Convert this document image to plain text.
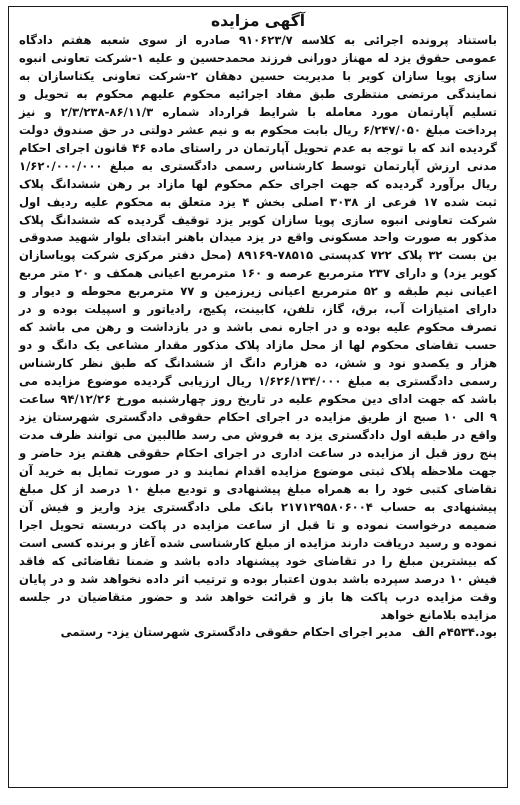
آگهی مزایده

باستناد پرونده اجرائی به کلاسه ۹۱۰۶۲۳/۷ صادره از سوی شعبه هفتم دادگاه عمومی حقوق یزد له مهناز دورانی فرزند محمدحسین و علیه ۱-شرکت تعاونی انبوه سازی پویا سازان کویر با مدیریت حسین دهقان ۲-شرکت تعاونی یکتاسازان به نمایندگی مرتضی منتظری طبق مفاد اجرائیه محکوم علیهم محکوم به تحویل و تسلیم آپارتمان مورد معامله با شرایط قرارداد شماره ۸۶/۱۱/۳-۲/۳/۲۳۸ و نیز پرداخت مبلغ ۶/۲۴۷/۰۵۰ ریال بابت محکوم به و نیم عشر دولتی در حق صندوق دولت گردیده اند که با توجه به عدم تحویل آپارتمان در راستای ماده ۴۶ قانون اجرای احکام مدنی ارزش آپارتمان توسط کارشناس رسمی دادگستری به مبلغ ۱/۶۲۰/۰۰۰/۰۰۰ ریال برآورد گردیده که جهت اجرای حکم محکوم لها مازاد بر رهن ششدانگ پلاک ثبت شده ۱۷ فرعی از ۳۰۳۸ اصلی بخش ۴ یزد متعلق به محکوم علیه ردیف اول شرکت تعاونی انبوه سازی پویا سازان کویر یزد توقیف گردیده که ششدانگ پلاک مذکور به صورت واحد مسکونی واقع در یزد میدان باهنر ابتدای بلوار شهید صدوقی بن بست ۳۲ پلاک ۷۲۲ کدپستی ۷۸۵۱۵-۸۹۱۶۹ (محل دفتر مرکزی شرکت پویاسازان کویر یزد) و دارای ۲۳۷ مترمربع عرصه و ۱۶۰ مترمربع اعیانی همکف و ۲۰ متر مربع اعیانی نیم طبقه و ۵۲ مترمربع اعیانی زیرزمین و ۷۷ مترمربع محوطه و دیوار و دارای امتیازات آب، برق، گاز، تلفن، کابینت، پکیج، رادیاتور و اسپیلت بوده و در تصرف محکوم علیه بوده و در اجاره نمی باشد و در بازداشت و رهن می باشد که حسب تقاضای محکوم لها از محل مازاد پلاک مذکور مقدار مشاعی یک دانگ و دو هزار و یکصدو نود و شش، ده هزارم دانگ از ششدانگ که طبق نظر کارشناس رسمی دادگستری به مبلغ ۱/۶۲۶/۱۳۴/۰۰۰ ریال ارزیابی گردیده موضوع مزایده می باشد که جهت ادای دین محکوم علیه در تاریخ روز چهارشنبه مورخ ۹۴/۱۲/۲۶ ساعت ۹ الی ۱۰ صبح از طریق مزایده در اجرای احکام حقوقی دادگستری شهرستان یزد واقع در طبقه اول دادگستری یزد به فروش می رسد طالبین می توانند ظرف مدت پنج روز قبل از مزایده در ساعت اداری در اجرای احکام حقوقی هفتم یزد حاضر و جهت ملاحظه پلاک ثبتی موضوع مزایده اقدام نمایند و در صورت تمایل به خرید آن تقاضای کتبی خود را به همراه مبلغ پیشنهادی و تودیع مبلغ ۱۰ درصد از کل مبلغ پیشنهادی به حساب ۲۱۷۱۲۹۵۸۰۶۰۰۴ بانک ملی دادگستری یزد واریز و فیش آن ضمیمه درخواست نموده و تا قبل از ساعت مزایده در پاکت دربسته تحویل اجرا نموده و رسید دریافت دارند مزایده از مبلغ کارشناسی شده آغاز و برنده کسی است که بیشترین مبلغ را در تقاضای خود پیشنهاد داده باشد و ضمنا تقاضائی که فاقد فیش ۱۰ درصد سپرده باشد بدون اعتبار بوده و ترتیب اثر داده نخواهد شد و در پایان وقت مزایده درب پاکت ها باز و قرائت خواهد شد و حضور متقاضیان در جلسه مزایده بلامانع خواهد

بود.۴۵۳۴م الف مدیر اجرای احکام حقوقی دادگستری شهرستان یزد- رستمی
